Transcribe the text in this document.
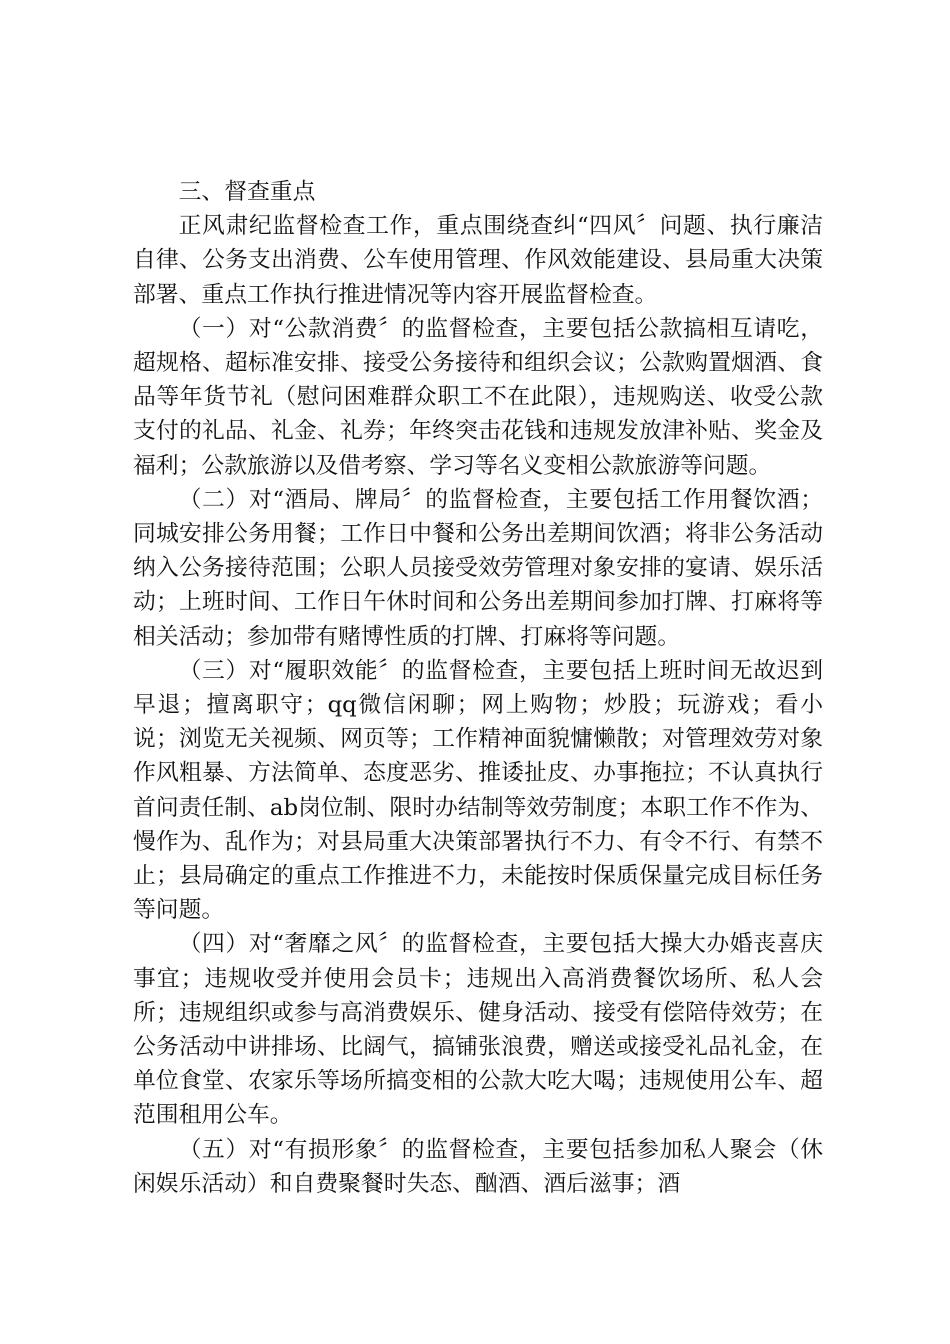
三、督查重点

正风肃纪监督检查工作，重点围绕查纠“四风〞问题、执行廉洁自律、公务支出消费、公车使用管理、作风效能建设、县局重大决策部署、重点工作执行推进情况等内容开展监督检查。

（一）对“公款消费〞的监督检查，主要包括公款搞相互请吃，超规格、超标准安排、接受公务接待和组织会议；公款购置烟酒、食品等年货节礼（慰问困难群众职工不在此限），违规购送、收受公款支付的礼品、礼金、礼券；年终突击花钱和违规发放津补贴、奖金及福利；公款旅游以及借考察、学习等名义变相公款旅游等问题。

（二）对“酒局、牌局〞的监督检查，主要包括工作用餐饮酒；同城安排公务用餐；工作日中餐和公务出差期间饮酒；将非公务活动纳入公务接待范围；公职人员接受效劳管理对象安排的宴请、娱乐活动；上班时间、工作日午休时间和公务出差期间参加打牌、打麻将等相关活动；参加带有赌博性质的打牌、打麻将等问题。

（三）对“履职效能〞的监督检查，主要包括上班时间无故迟到早退；擅离职守；qq微信闲聊；网上购物；炒股；玩游戏；看小说；浏览无关视频、网页等；工作精神面貌慵懒散；对管理效劳对象作风粗暴、方法简单、态度恶劣、推诿扯皮、办事拖拉；不认真执行首问责任制、ab岗位制、限时办结制等效劳制度；本职工作不作为、慢作为、乱作为；对县局重大决策部署执行不力、有令不行、有禁不止；县局确定的重点工作推进不力，未能按时保质保量完成目标任务等问题。

（四）对“奢靡之风〞的监督检查，主要包括大操大办婚丧喜庆事宜；违规收受并使用会员卡；违规出入高消费餐饮场所、私人会所；违规组织或参与高消费娱乐、健身活动、接受有偿陪侍效劳；在公务活动中讲排场、比阔气，搞铺张浪费，赠送或接受礼品礼金，在单位食堂、农家乐等场所搞变相的公款大吃大喝；违规使用公车、超范围租用公车。

（五）对“有损形象〞的监督检查，主要包括参加私人聚会（休闲娱乐活动）和自费聚餐时失态、酗酒、酒后滋事；酒
